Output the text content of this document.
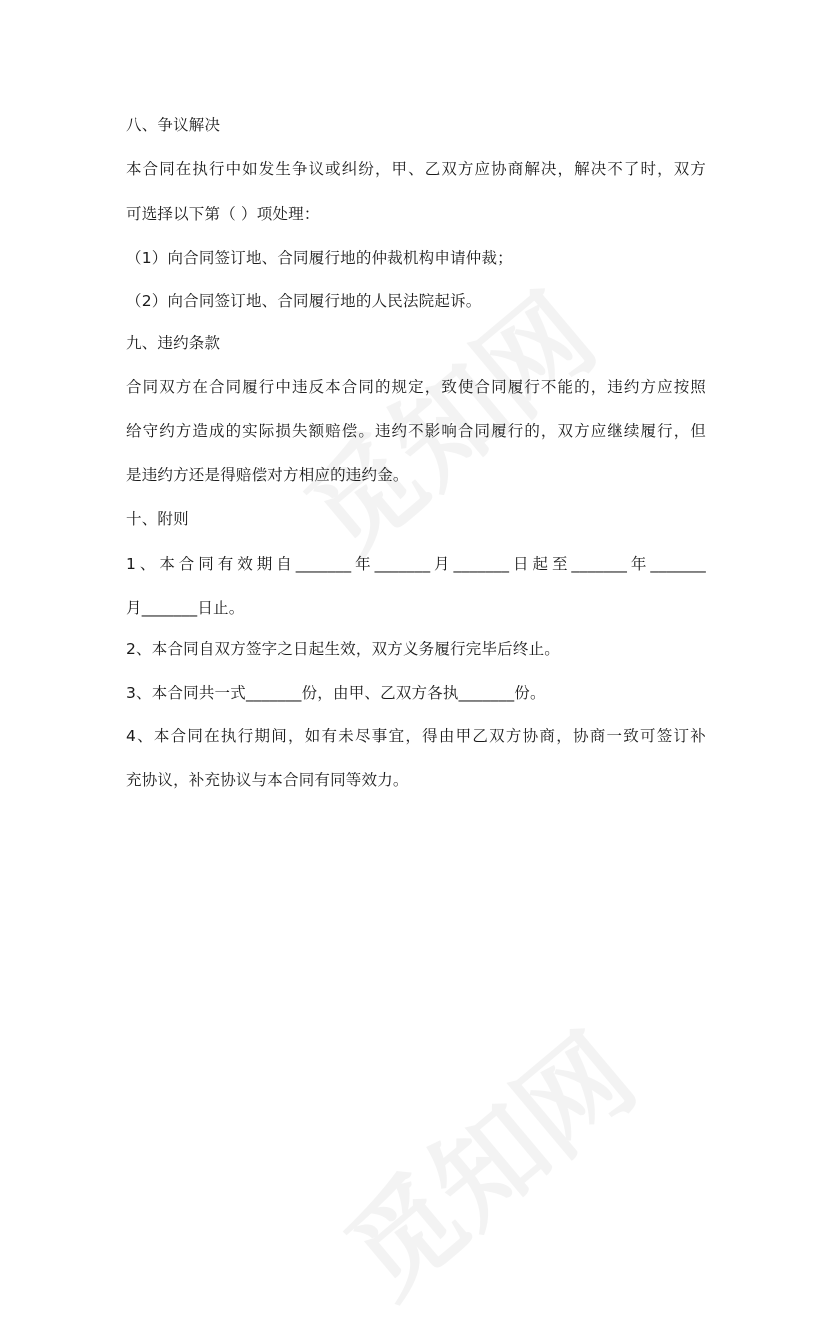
八、争议解决
本合同在执行中如发生争议或纠纷，甲、乙双方应协商解决，解决不了时，双方
可选择以下第（ ）项处理：
（1）向合同签订地、合同履行地的仲裁机构申请仲裁；
（2）向合同签订地、合同履行地的人民法院起诉。
九、违约条款
合同双方在合同履行中违反本合同的规定，致使合同履行不能的，违约方应按照
给守约方造成的实际损失额赔偿。违约不影响合同履行的，双方应继续履行，但
是违约方还是得赔偿对方相应的违约金。
十、附则
1、本合同有效期自_______年_______月_______日起至_______年_______
月_______日止。
2、本合同自双方签字之日起生效，双方义务履行完毕后终止。
3、本合同共一式_______份，由甲、乙双方各执_______份。
4、本合同在执行期间，如有未尽事宜，得由甲乙双方协商，协商一致可签订补
充协议，补充协议与本合同有同等效力。
